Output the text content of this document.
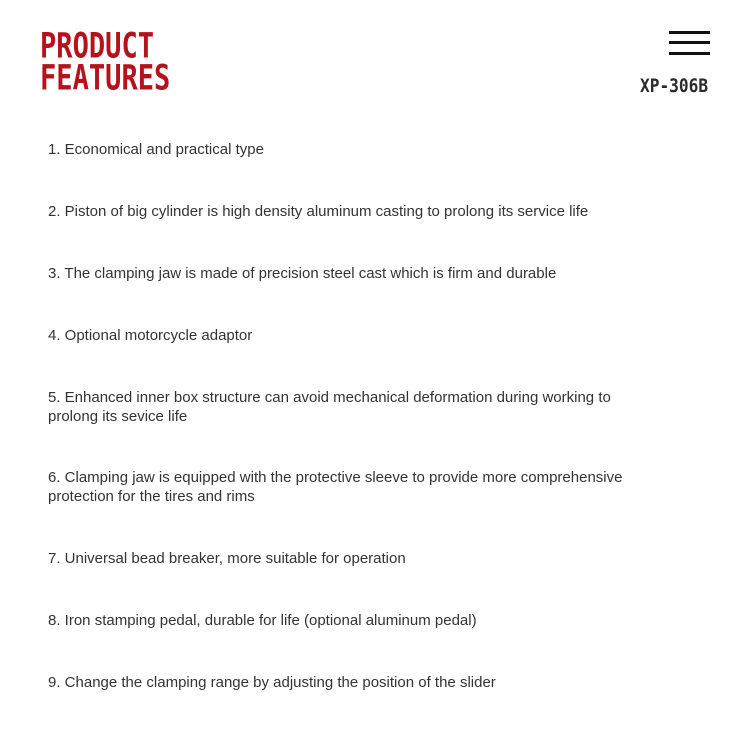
PRODUCT
FEATURES	XP-306B
1. Economical and practical type
2. Piston of big cylinder is high density aluminum casting to prolong its service life
3. The clamping jaw is made of precision steel cast which is firm and durable
4. Optional motorcycle adaptor
5. Enhanced inner box structure can avoid mechanical deformation during working to prolong its sevice life
6. Clamping jaw is equipped with the protective sleeve to provide more comprehensive protection for the tires and rims
7. Universal bead breaker, more suitable for operation
8. Iron stamping pedal, durable for life (optional aluminum pedal)
9. Change the clamping range by adjusting the position of the slider
